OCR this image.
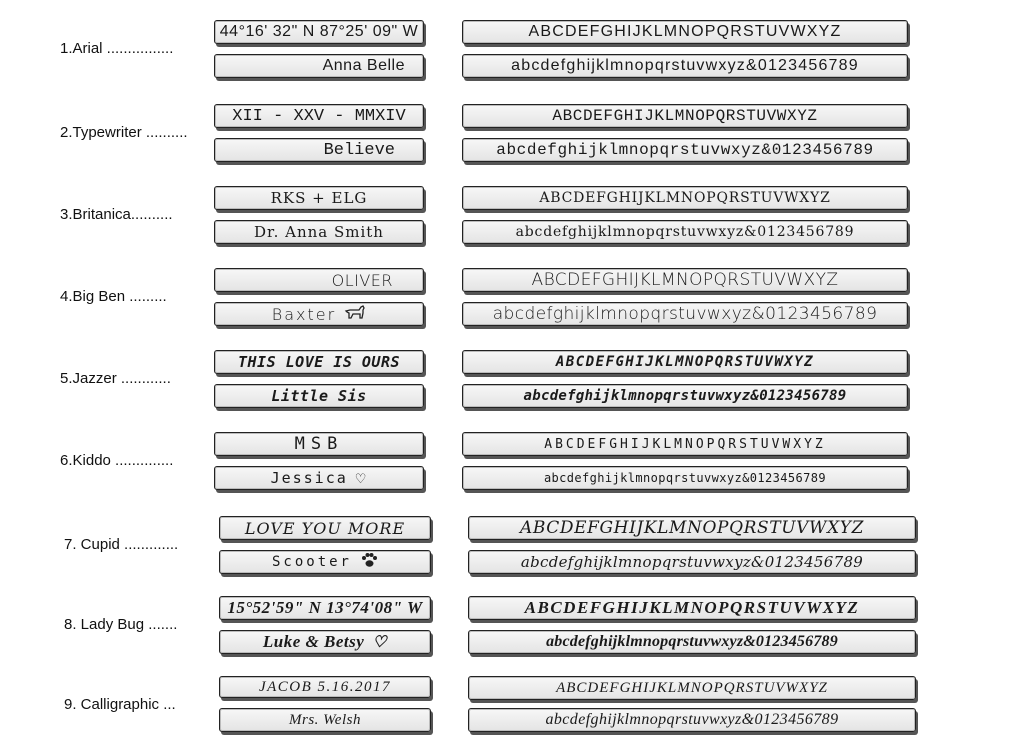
1.Arial ................
44°16' 32" N 87°25' 09" W
Anna Belle
ABCDEFGHIJKLMNOPQRSTUVWXYZ
abcdefghijklmnopqrstuvwxyz&0123456789
2.Typewriter ..........
XII - XXV - MMXIV
Believe
ABCDEFGHIJKLMNOPQRSTUVWXYZ
abcdefghijklmnopqrstuvwxyz&0123456789
3.Britanica..........
RKS + ELG
Dr. Anna Smith
ABCDEFGHIJKLMNOPQRSTUVWXYZ
abcdefghijklmnopqrstuvwxyz&0123456789
4.Big Ben .........
OLIVER
Baxter
ABCDEFGHIJKLMNOPQRSTUVWXYZ
abcdefghijklmnopqrstuvwxyz&0123456789
5.Jazzer ............
THIS LOVE IS OURS
Little Sis
ABCDEFGHIJKLMNOPQRSTUVWXYZ
abcdefghijklmnopqrstuvwxyz&0123456789
6.Kiddo ..............
MSB
Jessica ♡
ABCDEFGHIJKLMNOPQRSTUVWXYZ
abcdefghijklmnopqrstuvwxyz&0123456789
7. Cupid .............
LOVE YOU MORE
Scooter
ABCDEFGHIJKLMNOPQRSTUVWXYZ
abcdefghijklmnopqrstuvwxyz&0123456789
8. Lady Bug .......
15°52'59" N 13°74'08" W
Luke & Betsy ♡
ABCDEFGHIJKLMNOPQRSTUVWXYZ
abcdefghijklmnopqrstuvwxyz&0123456789
9. Calligraphic ...
JACOB 5.16.2017
Mrs. Welsh
ABCDEFGHIJKLMNOPQRSTUVWXYZ
abcdefghijklmnopqrstuvwxyz&0123456789
